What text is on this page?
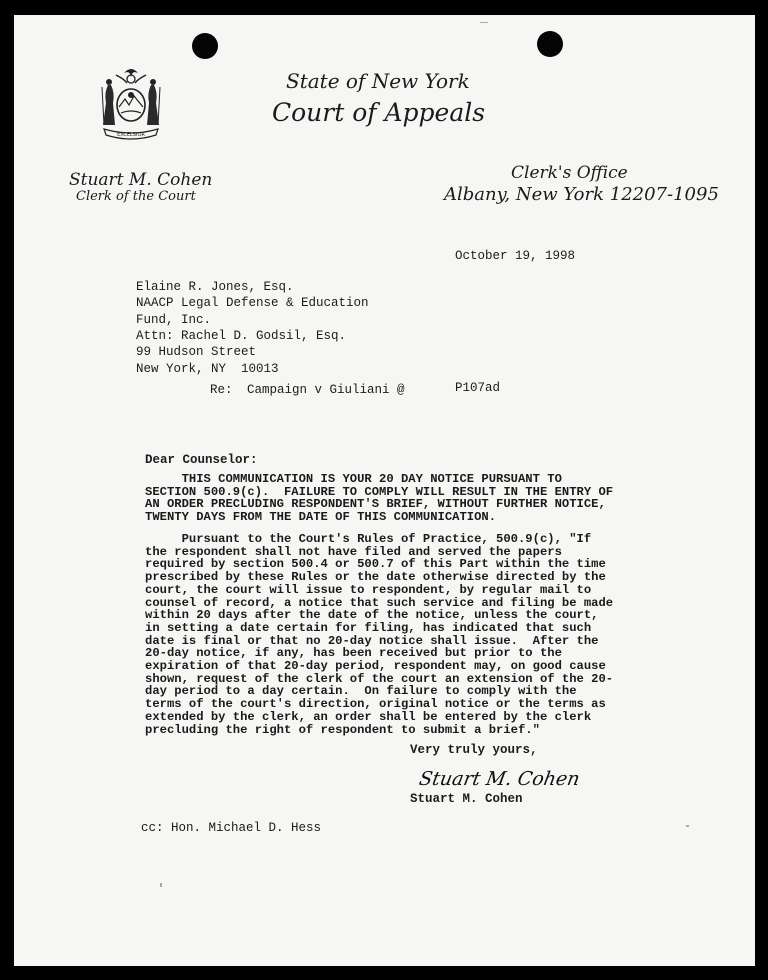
EXCELSIOR
State of New York
Court of Appeals
Stuart M. Cohen
Clerk of the Court
Clerk's Office
Albany, New York 12207-1095
October 19, 1998
Elaine R. Jones, Esq.
NAACP Legal Defense & Education
Fund, Inc.
Attn: Rachel D. Godsil, Esq.
99 Hudson Street
New York, NY  10013
Re: Campaign v Giuliani @	P107ad
Dear Counselor:
THIS COMMUNICATION IS YOUR 20 DAY NOTICE PURSUANT TO
SECTION 500.9(c).  FAILURE TO COMPLY WILL RESULT IN THE ENTRY OF
AN ORDER PRECLUDING RESPONDENT'S BRIEF, WITHOUT FURTHER NOTICE,
TWENTY DAYS FROM THE DATE OF THIS COMMUNICATION.
Pursuant to the Court's Rules of Practice, 500.9(c), "If
the respondent shall not have filed and served the papers
required by section 500.4 or 500.7 of this Part within the time
prescribed by these Rules or the date otherwise directed by the
court, the court will issue to respondent, by regular mail to
counsel of record, a notice that such service and filing be made
within 20 days after the date of the notice, unless the court,
in setting a date certain for filing, has indicated that such
date is final or that no 20-day notice shall issue.  After the
20-day notice, if any, has been received but prior to the
expiration of that 20-day period, respondent may, on good cause
shown, request of the clerk of the court an extension of the 20-
day period to a day certain.  On failure to comply with the
terms of the court's direction, original notice or the terms as
extended by the clerk, an order shall be entered by the clerk
precluding the right of respondent to submit a brief."
Very truly yours,
Stuart M. Cohen
Stuart M. Cohen
cc: Hon. Michael D. Hess
